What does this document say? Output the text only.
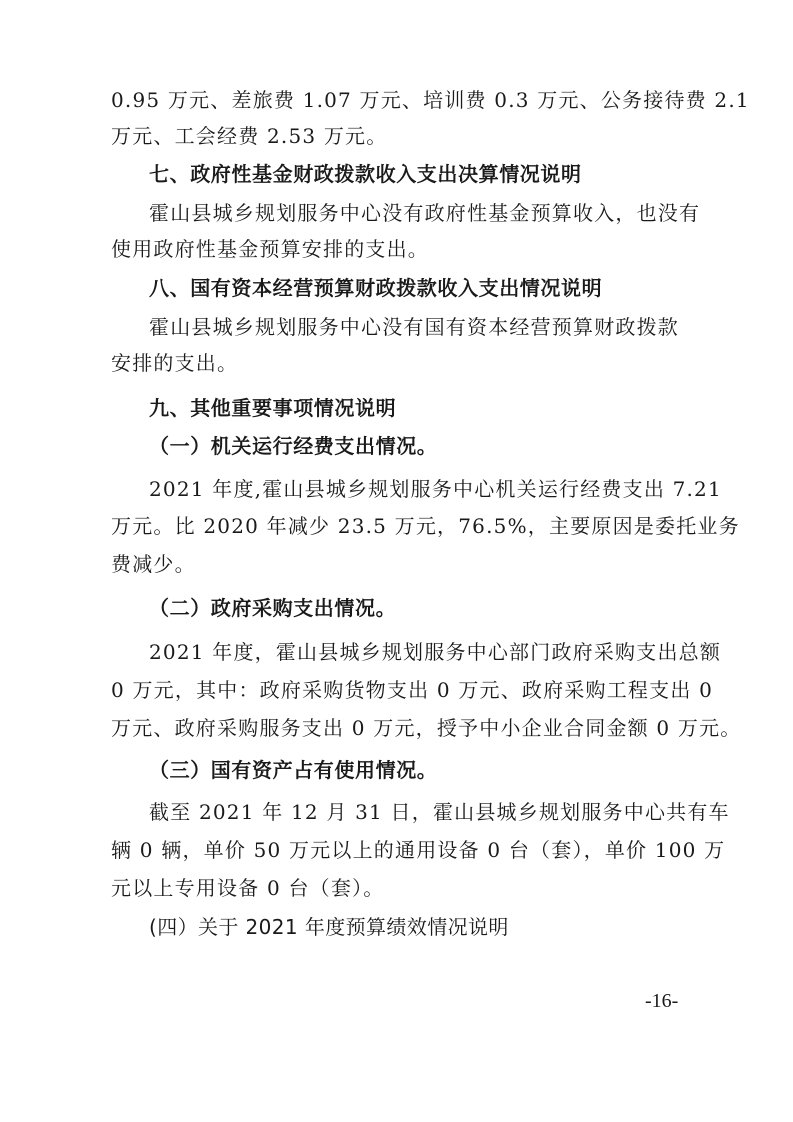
0.95 万元、差旅费 1.07 万元、培训费 0.3 万元、公务接待费 2.1
万元、工会经费 2.53 万元。
七、政府性基金财政拨款收入支出决算情况说明
霍山县城乡规划服务中心没有政府性基金预算收入，也没有
使用政府性基金预算安排的支出。
八、国有资本经营预算财政拨款收入支出情况说明
霍山县城乡规划服务中心没有国有资本经营预算财政拨款
安排的支出。
九、其他重要事项情况说明
（一）机关运行经费支出情况。
2021 年度,霍山县城乡规划服务中心机关运行经费支出 7.21
万元。比 2020 年减少 23.5 万元，76.5%，主要原因是委托业务
费减少。
（二）政府采购支出情况。
2021 年度，霍山县城乡规划服务中心部门政府采购支出总额
0 万元，其中：政府采购货物支出 0 万元、政府采购工程支出 0
万元、政府采购服务支出 0 万元，授予中小企业合同金额 0 万元。
（三）国有资产占有使用情况。
截至 2021 年 12 月 31 日，霍山县城乡规划服务中心共有车
辆 0 辆，单价 50 万元以上的通用设备 0 台（套），单价 100 万
元以上专用设备 0 台（套）。
(四）关于 2021 年度预算绩效情况说明
-16-
